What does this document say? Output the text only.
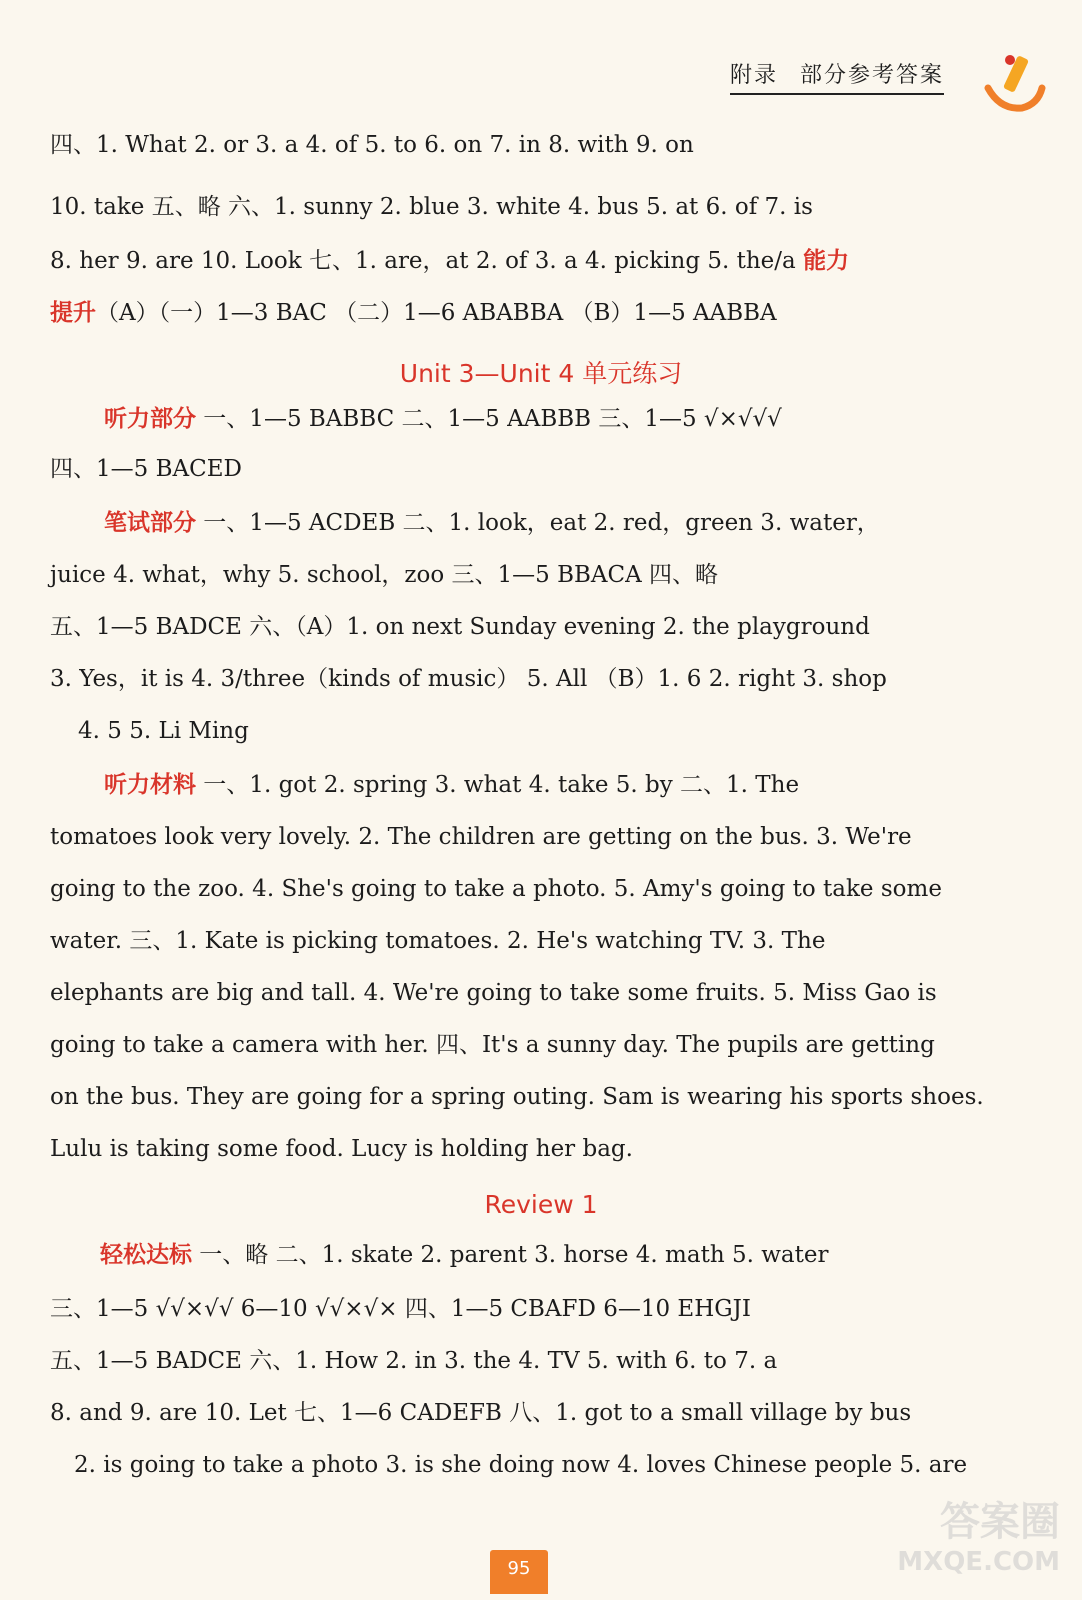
附录 部分参考答案
四、1. What 2. or 3. a 4. of 5. to 6. on 7. in 8. with 9. on
10. take 五、略 六、1. sunny 2. blue 3. white 4. bus 5. at 6. of 7. is
8. her 9. are 10. Look 七、1. are，at 2. of 3. a 4. picking 5. the/a 能力
提升（A）（一）1—3 BAC （二）1—6 ABABBA （B）1—5 AABBA
Unit 3—Unit 4 单元练习
听力部分 一、1—5 BABBC 二、1—5 AABBB 三、1—5 √×√√√
四、1—5 BACED
笔试部分 一、1—5 ACDEB 二、1. look，eat 2. red，green 3. water，
juice 4. what，why 5. school，zoo 三、1—5 BBACA 四、略
五、1—5 BADCE 六、（A）1. on next Sunday evening 2. the playground
3. Yes，it is 4. 3/three（kinds of music） 5. All （B）1. 6 2. right 3. shop
4. 5 5. Li Ming
听力材料 一、1. got 2. spring 3. what 4. take 5. by 二、1. The
tomatoes look very lovely. 2. The children are getting on the bus. 3. We're
going to the zoo. 4. She's going to take a photo. 5. Amy's going to take some
water. 三、1. Kate is picking tomatoes. 2. He's watching TV. 3. The
elephants are big and tall. 4. We're going to take some fruits. 5. Miss Gao is
going to take a camera with her. 四、It's a sunny day. The pupils are getting
on the bus. They are going for a spring outing. Sam is wearing his sports shoes.
Lulu is taking some food. Lucy is holding her bag.
Review 1
轻松达标 一、略 二、1. skate 2. parent 3. horse 4. math 5. water
三、1—5 √√×√√ 6—10 √√×√× 四、1—5 CBAFD 6—10 EHGJI
五、1—5 BADCE 六、1. How 2. in 3. the 4. TV 5. with 6. to 7. a
8. and 9. are 10. Let 七、1—6 CADEFB 八、1. got to a small village by bus
2. is going to take a photo 3. is she doing now 4. loves Chinese people 5. are
95
答案圈
MXQE.COM
